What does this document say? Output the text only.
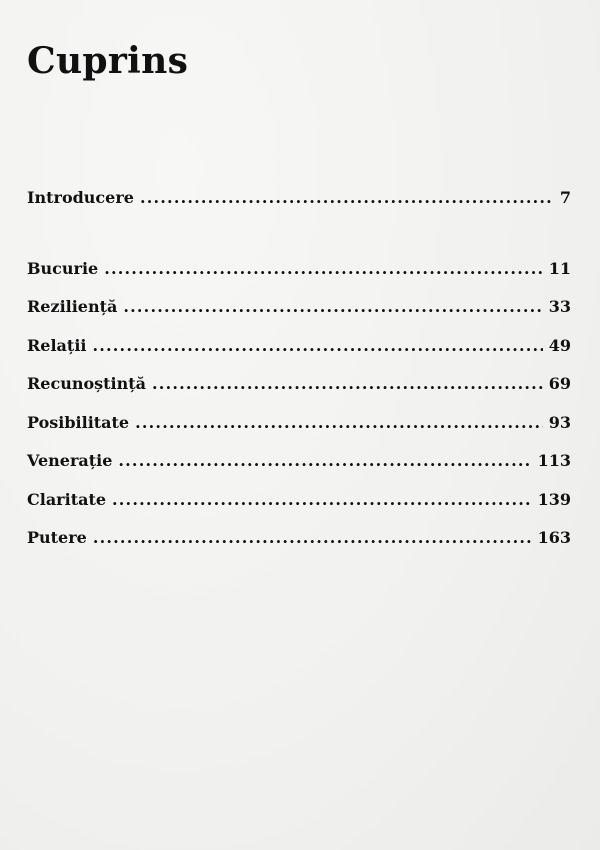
Cuprins
Introducere .....	7
Bucurie .....	11
Reziliență .....	33
Relații .....	49
Recunoștință .....	69
Posibilitate .....	93
Venerație .....	113
Claritate .....	139
Putere .....	163
